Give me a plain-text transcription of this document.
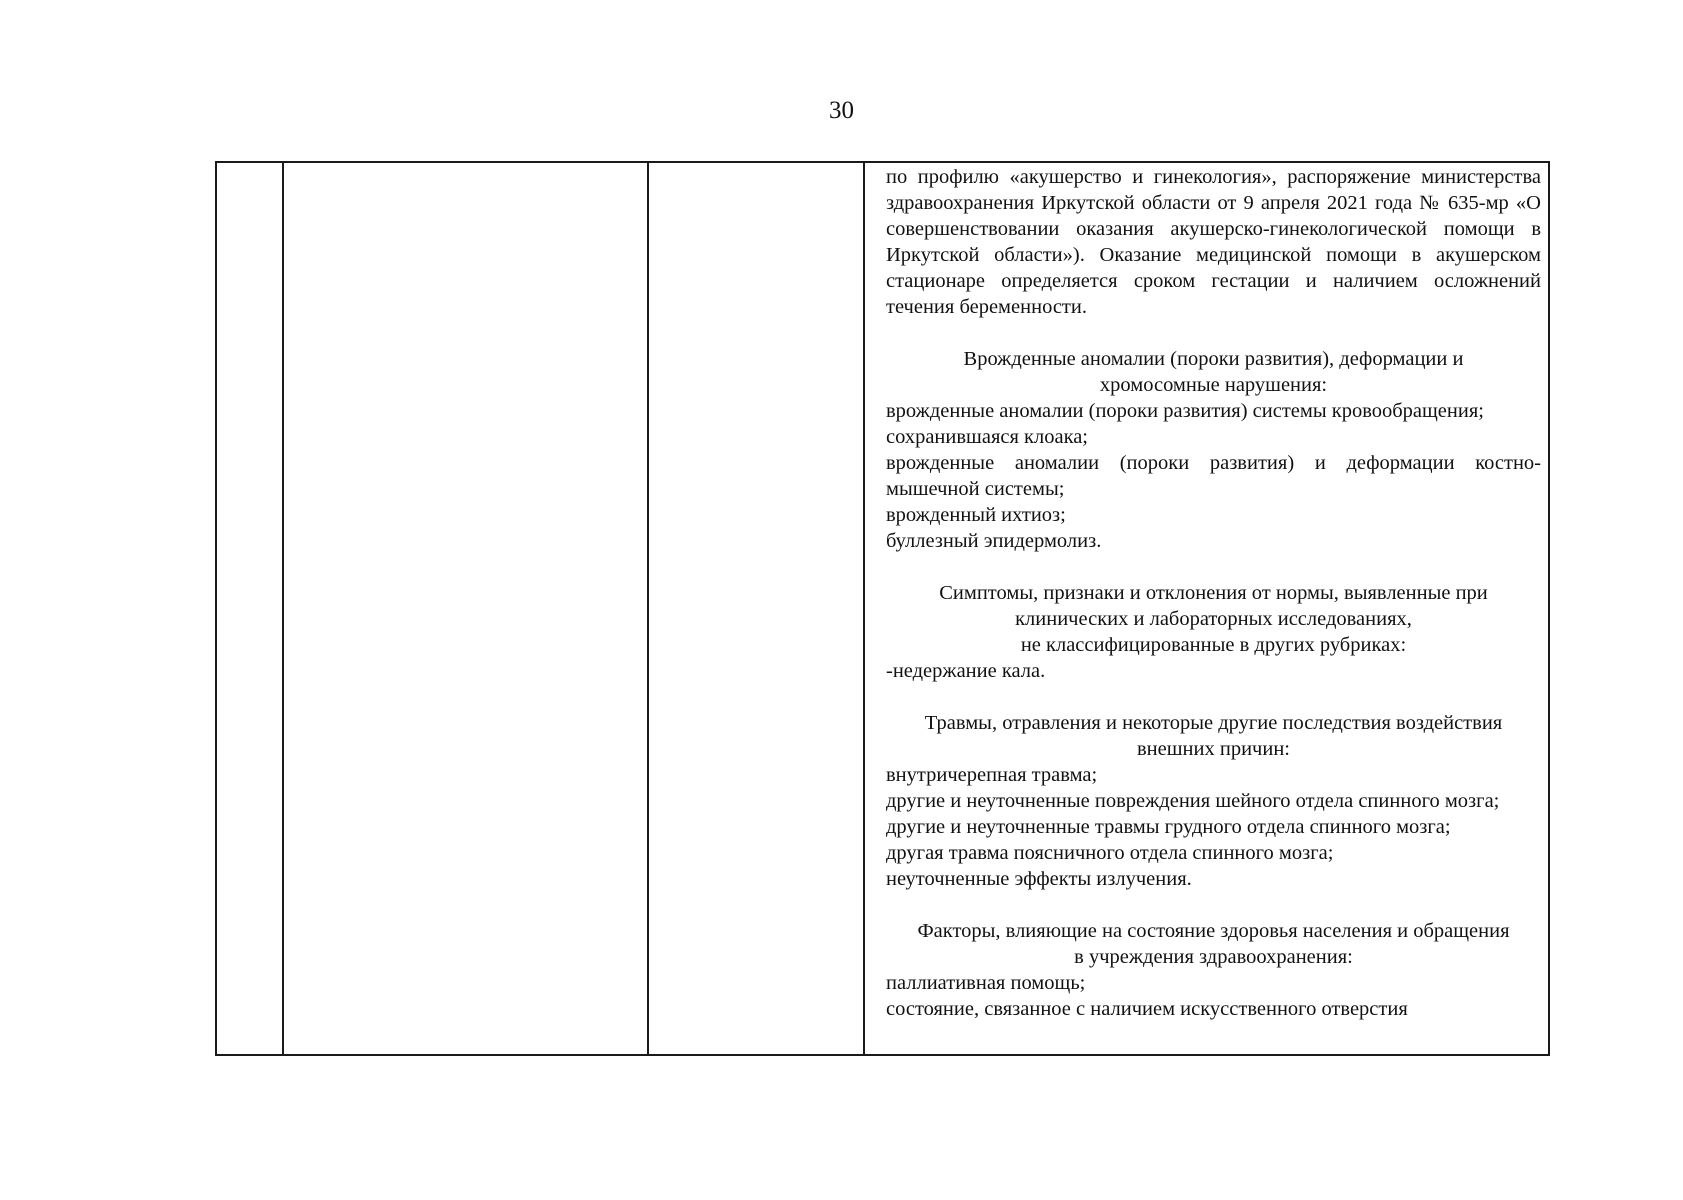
30

по профилю «акушерство и гинекология», распоряжение министерства здравоохранения Иркутской области от 9 апреля 2021 года № 635-мр «О совершенствовании оказания акушерско-гинекологической помощи в Иркутской области»). Оказание медицинской помощи в акушерском стационаре определяется сроком гестации и наличием осложнений течения беременности.

Врожденные аномалии (пороки развития), деформации и
хромосомные нарушения:

врожденные аномалии (пороки развития) системы кровообращения;

сохранившаяся клоака;

врожденные аномалии (пороки развития) и деформации костно-мышечной системы;

врожденный ихтиоз;

буллезный эпидермолиз.

Симптомы, признаки и отклонения от нормы, выявленные при
клинических и лабораторных исследованиях,
не классифицированные в других рубриках:

-недержание кала.

Травмы, отравления и некоторые другие последствия воздействия
внешних причин:

внутричерепная травма;

другие и неуточненные повреждения шейного отдела спинного мозга;

другие и неуточненные травмы грудного отдела спинного мозга;

другая травма поясничного отдела спинного мозга;

неуточненные эффекты излучения.

Факторы, влияющие на состояние здоровья населения и обращения
в учреждения здравоохранения:

паллиативная помощь;

состояние, связанное с наличием искусственного отверстия
